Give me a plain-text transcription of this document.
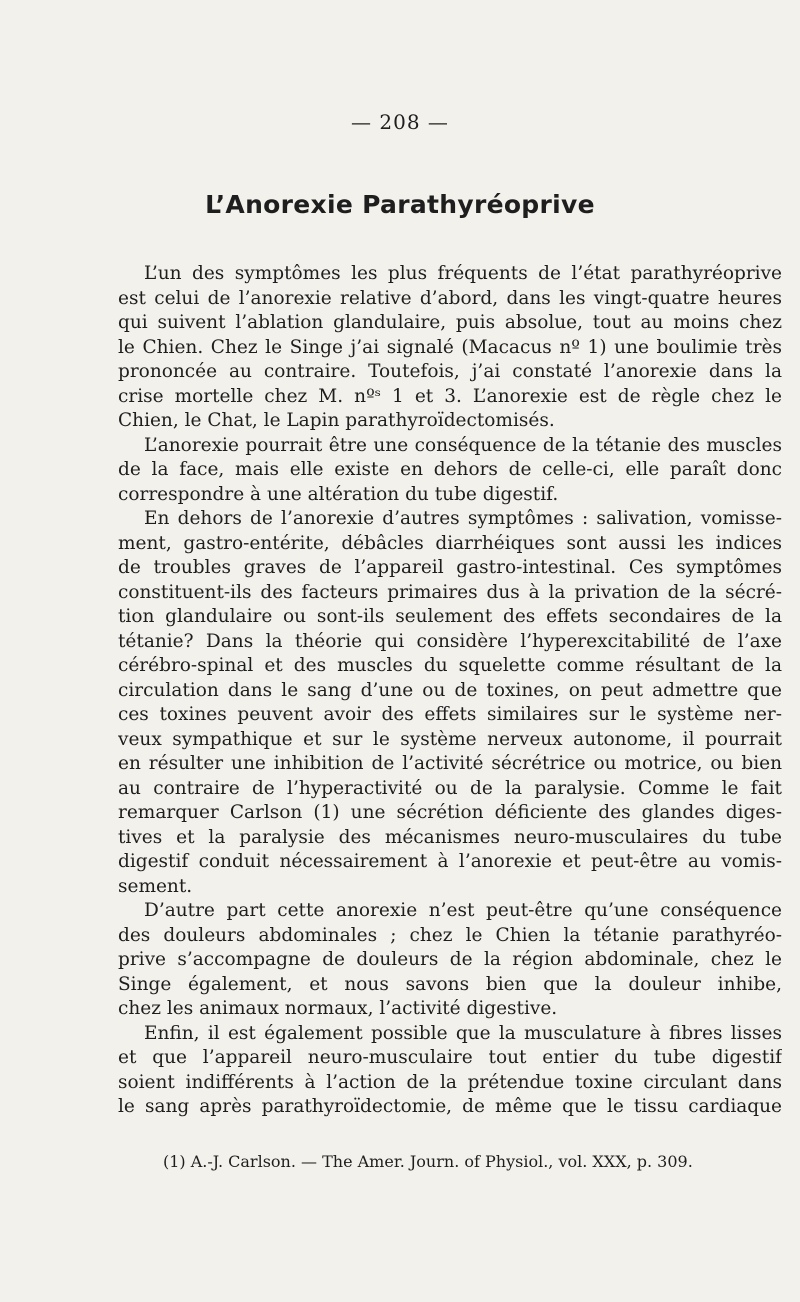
— 208 —
L’Anorexie Parathyréoprive
L’un des symptômes les plus fréquents de l’état parathyréoprive
est celui de l’anorexie relative d’abord, dans les vingt-quatre heures
qui suivent l’ablation glandulaire, puis absolue, tout au moins chez
le Chien. Chez le Singe j’ai signalé (Macacus nº 1) une boulimie très
prononcée au contraire. Toutefois, j’ai constaté l’anorexie dans la
crise mortelle chez M. nºˢ 1 et 3. L’anorexie est de règle chez le
Chien, le Chat, le Lapin parathyroïdectomisés.
L’anorexie pourrait être une conséquence de la tétanie des muscles
de la face, mais elle existe en dehors de celle-ci, elle paraît donc
correspondre à une altération du tube digestif.
En dehors de l’anorexie d’autres symptômes : salivation, vomisse-
ment, gastro-entérite, débâcles diarrhéiques sont aussi les indices
de troubles graves de l’appareil gastro-intestinal. Ces symptômes
constituent-ils des facteurs primaires dus à la privation de la sécré-
tion glandulaire ou sont-ils seulement des effets secondaires de la
tétanie? Dans la théorie qui considère l’hyperexcitabilité de l’axe
cérébro-spinal et des muscles du squelette comme résultant de la
circulation dans le sang d’une ou de toxines, on peut admettre que
ces toxines peuvent avoir des effets similaires sur le système ner-
veux sympathique et sur le système nerveux autonome, il pourrait
en résulter une inhibition de l’activité sécrétrice ou motrice, ou bien
au contraire de l’hyperactivité ou de la paralysie. Comme le fait
remarquer Carlson (1) une sécrétion déficiente des glandes diges-
tives et la paralysie des mécanismes neuro-musculaires du tube
digestif conduit nécessairement à l’anorexie et peut-être au vomis-
sement.
D’autre part cette anorexie n’est peut-être qu’une conséquence
des douleurs abdominales ; chez le Chien la tétanie parathyréo-
prive s’accompagne de douleurs de la région abdominale, chez le
Singe également, et nous savons bien que la douleur inhibe,
chez les animaux normaux, l’activité digestive.
Enfin, il est également possible que la musculature à fibres lisses
et que l’appareil neuro-musculaire tout entier du tube digestif
soient indifférents à l’action de la prétendue toxine circulant dans
le sang après parathyroïdectomie, de même que le tissu cardiaque
(1) A.-J. Carlson. — The Amer. Journ. of Physiol., vol. XXX, p. 309.
